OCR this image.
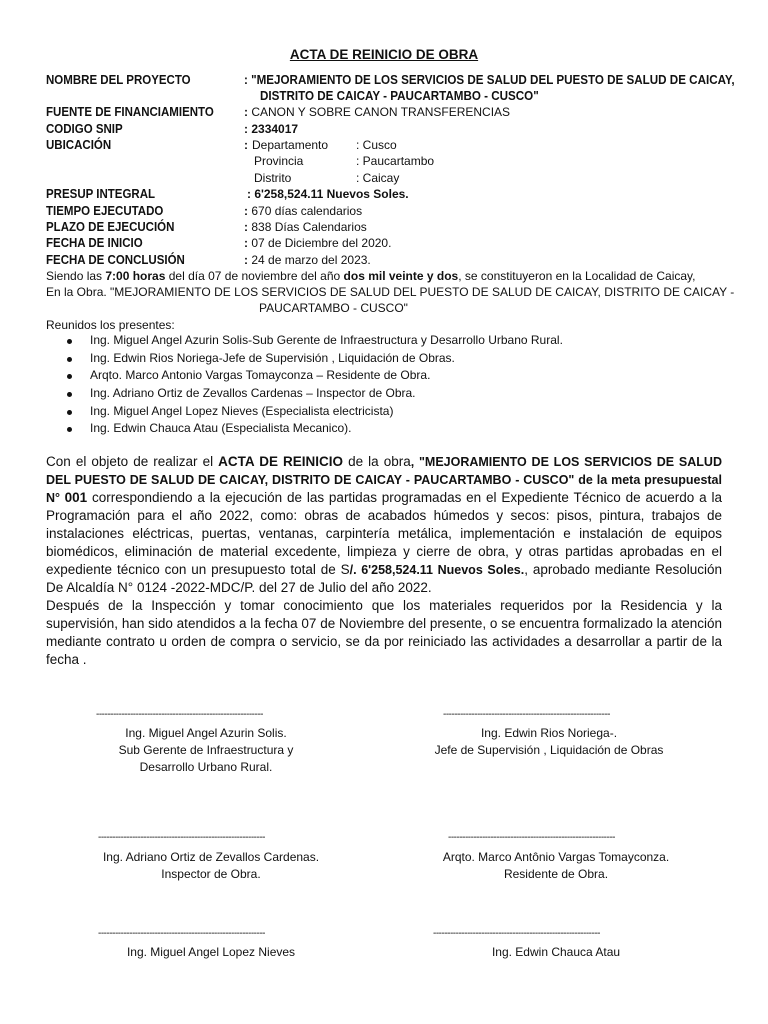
ACTA DE REINICIO DE OBRA
NOMBRE DEL PROYECTO	: "MEJORAMIENTO DE LOS SERVICIOS DE SALUD DEL PUESTO DE SALUD DE CAICAY,
DISTRITO DE CAICAY - PAUCARTAMBO - CUSCO"
FUENTE DE FINANCIAMIENTO	: CANON Y SOBRE CANON TRANSFERENCIAS
CODIGO SNIP	: 2334017
UBICACIÓN	: Departamento : Cusco
Provincia	: Paucartambo
Distrito	: Caicay
PRESUP INTEGRAL	: 6'258,524.11 Nuevos Soles.
TIEMPO EJECUTADO	: 670 días calendarios
PLAZO DE EJECUCIÓN	: 838 Días Calendarios
FECHA DE INICIO	: 07 de Diciembre del 2020.
FECHA DE CONCLUSIÓN	: 24 de marzo del 2023.
Siendo las 7:00 horas del día 07 de noviembre del año dos mil veinte y dos, se constituyeron en la Localidad de Caicay,
En la Obra. "MEJORAMIENTO DE LOS SERVICIOS DE SALUD DEL PUESTO DE SALUD DE CAICAY, DISTRITO DE CAICAY -
PAUCARTAMBO - CUSCO"
Reunidos los presentes:
Ing. Miguel Angel Azurin Solis-Sub Gerente de Infraestructura y Desarrollo Urbano Rural.
Ing. Edwin Rios Noriega-Jefe de Supervisión , Liquidación de Obras.
Arqto. Marco Antonio Vargas Tomayconza – Residente de Obra.
Ing. Adriano Ortiz de Zevallos Cardenas – Inspector de Obra.
Ing. Miguel Angel Lopez Nieves (Especialista electricista)
Ing. Edwin Chauca Atau (Especialista Mecanico).
Con el objeto de realizar el ACTA DE REINICIO de la obra, "MEJORAMIENTO DE LOS SERVICIOS DE SALUD DEL PUESTO DE SALUD DE CAICAY, DISTRITO DE CAICAY - PAUCARTAMBO - CUSCO" de la meta presupuestal N° 001 correspondiendo a la ejecución de las partidas programadas en el Expediente Técnico de acuerdo a la Programación para el año 2022, como: obras de acabados húmedos y secos: pisos, pintura, trabajos de instalaciones eléctricas, puertas, ventanas, carpintería metálica, implementación e instalación de equipos biomédicos, eliminación de material excedente, limpieza y cierre de obra, y otras partidas aprobadas en el expediente técnico con un presupuesto total de S/. 6'258,524.11 Nuevos Soles., aprobado mediante Resolución De Alcaldía N° 0124 -2022-MDC/P. del 27 de Julio del año 2022.
Después de la Inspección y tomar conocimiento que los materiales requeridos por la Residencia y la supervisión, han sido atendidos a la fecha 07 de Noviembre del presente, o se encuentra formalizado la atención mediante contrato u orden de compra o servicio, se da por reiniciado las actividades a desarrollar a partir de la fecha .
-----------------------------------------------------------
Ing. Miguel Angel Azurin Solis.
Sub Gerente de Infraestructura y
Desarrollo Urbano Rural.
-----------------------------------------------------------
Ing. Edwin Rios Noriega-.
Jefe de Supervisión , Liquidación de Obras
-----------------------------------------------------------
Ing. Adriano Ortiz de Zevallos Cardenas.
Inspector de Obra.
-----------------------------------------------------------
Arqto. Marco Antônio Vargas Tomayconza.
Residente de Obra.
-----------------------------------------------------------
Ing. Miguel Angel Lopez Nieves
-----------------------------------------------------------
Ing. Edwin Chauca Atau
